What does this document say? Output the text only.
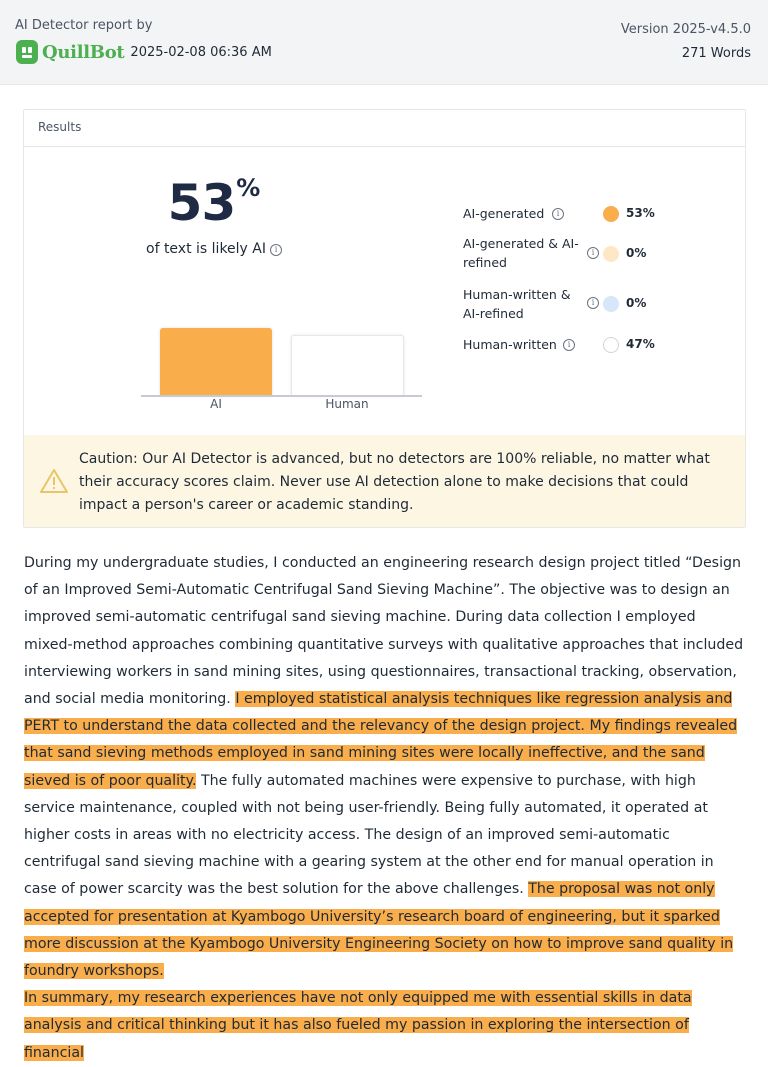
AI Detector report by
QuillBot 2025-02-08 06:36 AM
Version 2025-v4.5.0
271 Words
Results
53%
of text is likely AI i
AI	Human
AI-generated	i	53%
AI-generated & AI-refined
i	0%
Human-written & AI-refined
i	0%
Human-written	i	47%
Caution: Our AI Detector is advanced, but no detectors are 100% reliable, no matter what their accuracy scores claim. Never use AI detection alone to make decisions that could impact a person's career or academic standing.
During my undergraduate studies, I conducted an engineering research design project titled “Design of an Improved Semi-Automatic Centrifugal Sand Sieving Machine”. The objective was to design an improved semi-automatic centrifugal sand sieving machine. During data collection I employed mixed-method approaches combining quantitative surveys with qualitative approaches that included interviewing workers in sand mining sites, using questionnaires, transactional tracking, observation, and social media monitoring. I employed statistical analysis techniques like regression analysis and PERT to understand the data collected and the relevancy of the design project. My findings revealed that sand sieving methods employed in sand mining sites were locally ineffective, and the sand sieved is of poor quality. The fully automated machines were expensive to purchase, with high service maintenance, coupled with not being user-friendly. Being fully automated, it operated at higher costs in areas with no electricity access. The design of an improved semi-automatic centrifugal sand sieving machine with a gearing system at the other end for manual operation in case of power scarcity was the best solution for the above challenges. The proposal was not only accepted for presentation at Kyambogo University’s research board of engineering, but it sparked more discussion at the Kyambogo University Engineering Society on how to improve sand quality in foundry workshops.
In summary, my research experiences have not only equipped me with essential skills in data analysis and critical thinking but it has also fueled my passion in exploring the intersection of financial
